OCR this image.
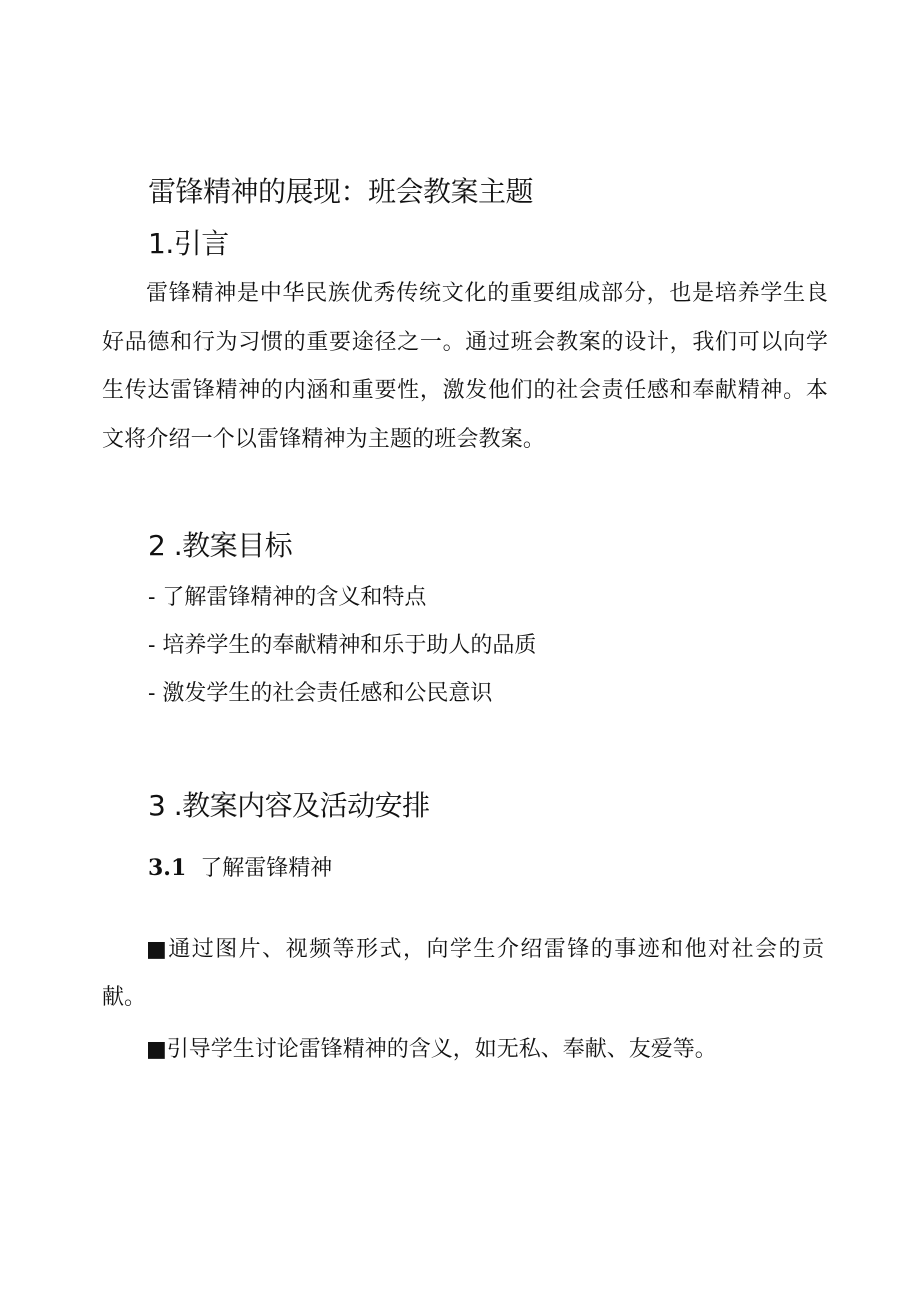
雷锋精神的展现：班会教案主题
1.引言

雷锋精神是中华民族优秀传统文化的重要组成部分，也是培养学生良好品德和行为习惯的重要途径之一。通过班会教案的设计，我们可以向学生传达雷锋精神的内涵和重要性，激发他们的社会责任感和奉献精神。本文将介绍一个以雷锋精神为主题的班会教案。

2 .教案目标
- 了解雷锋精神的含义和特点
- 培养学生的奉献精神和乐于助人的品质
- 激发学生的社会责任感和公民意识
3 .教案内容及活动安排
3.1 了解雷锋精神

■通过图片、视频等形式，向学生介绍雷锋的事迹和他对社会的贡献。

■引导学生讨论雷锋精神的含义，如无私、奉献、友爱等。
